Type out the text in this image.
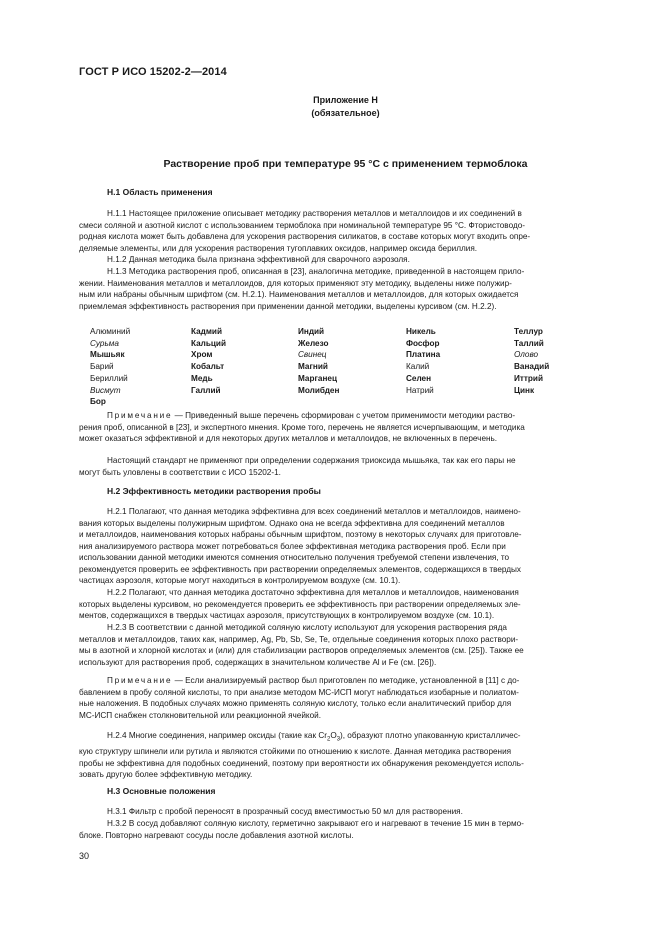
ГОСТ Р ИСО 15202-2—2014
Приложение Н
(обязательное)
Растворение проб при температуре 95 °С с применением термоблока
Н.1 Область применения
Н.1.1 Настоящее приложение описывает методику растворения металлов и металлоидов и их соединений в
смеси соляной и азотной кислот с использованием термоблока при номинальной температуре 95 °С. Фтористоводо-
родная кислота может быть добавлена для ускорения растворения силикатов, в составе которых могут входить опре-
деляемые элементы, или для ускорения растворения тугоплавких оксидов, например оксида бериллия.
Н.1.2 Данная методика была признана эффективной для сварочного аэрозоля.
Н.1.3 Методика растворения проб, описанная в [23], аналогична методике, приведенной в настоящем прило-
жении. Наименования металлов и металлоидов, для которых применяют эту методику, выделены ниже полужир-
ным или набраны обычным шрифтом (см. Н.2.1). Наименования металлов и металлоидов, для которых ожидается
приемлемая эффективность растворения при применении данной методики, выделены курсивом (см. Н.2.2).
Алюминий
Сурьма
Мышьяк
Барий
Бериллий
Висмут
Бор
Кадмий
Кальций
Хром
Кобальт
Медь
Галлий
Индий
Железо
Свинец
Магний
Марганец
Молибден
Никель
Фосфор
Платина
Калий
Селен
Натрий
Теллур
Таллий
Олово
Ванадий
Иттрий
Цинк
Примечание — Приведенный выше перечень сформирован с учетом применимости методики раство-
рения проб, описанной в [23], и экспертного мнения. Кроме того, перечень не является исчерпывающим, и методика
может оказаться эффективной и для некоторых других металлов и металлоидов, не включенных в перечень.
Настоящий стандарт не применяют при определении содержания триоксида мышьяка, так как его пары не
могут быть уловлены в соответствии с ИСО 15202-1.
Н.2 Эффективность методики растворения пробы
Н.2.1 Полагают, что данная методика эффективна для всех соединений металлов и металлоидов, наимено-
вания которых выделены полужирным шрифтом. Однако она не всегда эффективна для соединений металлов
и металлоидов, наименования которых набраны обычным шрифтом, поэтому в некоторых случаях для приготовле-
ния анализируемого раствора может потребоваться более эффективная методика растворения проб. Если при
использовании данной методики имеются сомнения относительно получения требуемой степени извлечения, то
рекомендуется проверить ее эффективность при растворении определяемых элементов, содержащихся в твердых
частицах аэрозоля, которые могут находиться в контролируемом воздухе (см. 10.1).
Н.2.2 Полагают, что данная методика достаточно эффективна для металлов и металлоидов, наименования
которых выделены курсивом, но рекомендуется проверить ее эффективность при растворении определяемых эле-
ментов, содержащихся в твердых частицах аэрозоля, присутствующих в контролируемом воздухе (см. 10.1).
Н.2.3 В соответствии с данной методикой соляную кислоту используют для ускорения растворения ряда
металлов и металлоидов, таких как, например, Ag, Pb, Sb, Se, Te, отдельные соединения которых плохо раствори-
мы в азотной и хлорной кислотах и (или) для стабилизации растворов определяемых элементов (см. [25]). Также ее
используют для растворения проб, содержащих в значительном количестве Al и Fe (см. [26]).
Примечание — Если анализируемый раствор был приготовлен по методике, установленной в [11] с до-
бавлением в пробу соляной кислоты, то при анализе методом МС-ИСП могут наблюдаться изобарные и полиатом-
ные наложения. В подобных случаях можно применять соляную кислоту, только если аналитический прибор для
МС-ИСП снабжен столкновительной или реакционной ячейкой.
Н.2.4 Многие соединения, например оксиды (такие как $Cr_2O_3$), образуют плотно упакованную кристалличес-
кую структуру шпинели или рутила и являются стойкими по отношению к кислоте. Данная методика растворения
пробы не эффективна для подобных соединений, поэтому при вероятности их обнаружения рекомендуется исполь-
зовать другую более эффективную методику.
Н.3 Основные положения
Н.3.1 Фильтр с пробой переносят в прозрачный сосуд вместимостью 50 мл для растворения.
Н.3.2 В сосуд добавляют соляную кислоту, герметично закрывают его и нагревают в течение 15 мин в термо-
блоке. Повторно нагревают сосуды после добавления азотной кислоты.
30
